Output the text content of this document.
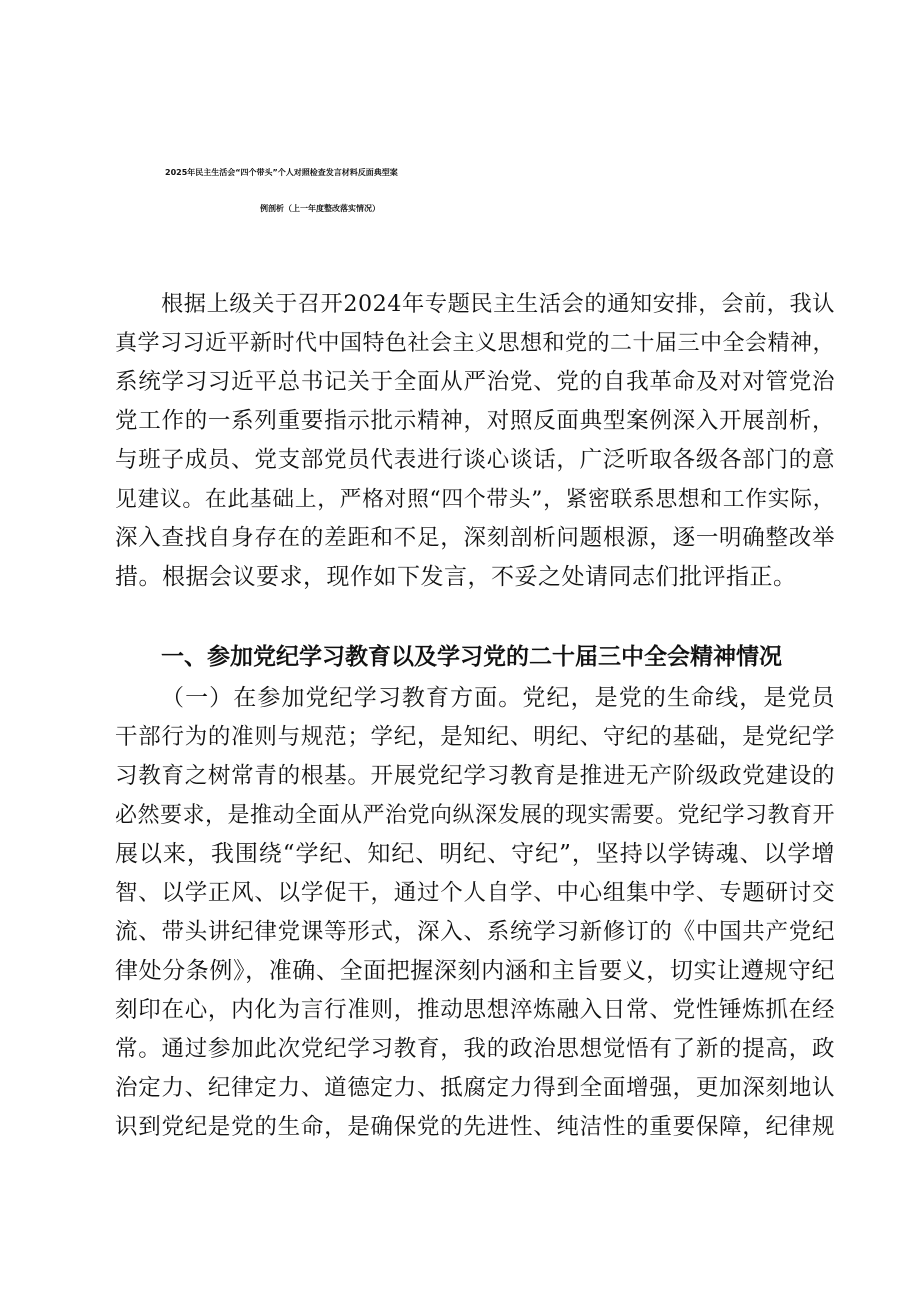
2025年民主生活会“四个带头”个人对照检查发言材料反面典型案
例剖析（上一年度整改落实情况）
根据上级关于召开2024年专题民主生活会的通知安排，会前，我认
真学习习近平新时代中国特色社会主义思想和党的二十届三中全会精神，
系统学习习近平总书记关于全面从严治党、党的自我革命及对对管党治
党工作的一系列重要指示批示精神，对照反面典型案例深入开展剖析，
与班子成员、党支部党员代表进行谈心谈话，广泛听取各级各部门的意
见建议。在此基础上，严格对照“四个带头”，紧密联系思想和工作实际，
深入查找自身存在的差距和不足，深刻剖析问题根源，逐一明确整改举
措。根据会议要求，现作如下发言，不妥之处请同志们批评指正。
一、参加党纪学习教育以及学习党的二十届三中全会精神情况
（一）在参加党纪学习教育方面。党纪，是党的生命线，是党员
干部行为的准则与规范；学纪，是知纪、明纪、守纪的基础，是党纪学
习教育之树常青的根基。开展党纪学习教育是推进无产阶级政党建设的
必然要求，是推动全面从严治党向纵深发展的现实需要。党纪学习教育开
展以来，我围绕“学纪、知纪、明纪、守纪”，坚持以学铸魂、以学增
智、以学正风、以学促干，通过个人自学、中心组集中学、专题研讨交
流、带头讲纪律党课等形式，深入、系统学习新修订的《中国共产党纪
律处分条例》，准确、全面把握深刻内涵和主旨要义，切实让遵规守纪
刻印在心，内化为言行准则，推动思想淬炼融入日常、党性锤炼抓在经
常。通过参加此次党纪学习教育，我的政治思想觉悟有了新的提高，政
治定力、纪律定力、道德定力、抵腐定力得到全面增强，更加深刻地认
识到党纪是党的生命，是确保党的先进性、纯洁性的重要保障，纪律规
